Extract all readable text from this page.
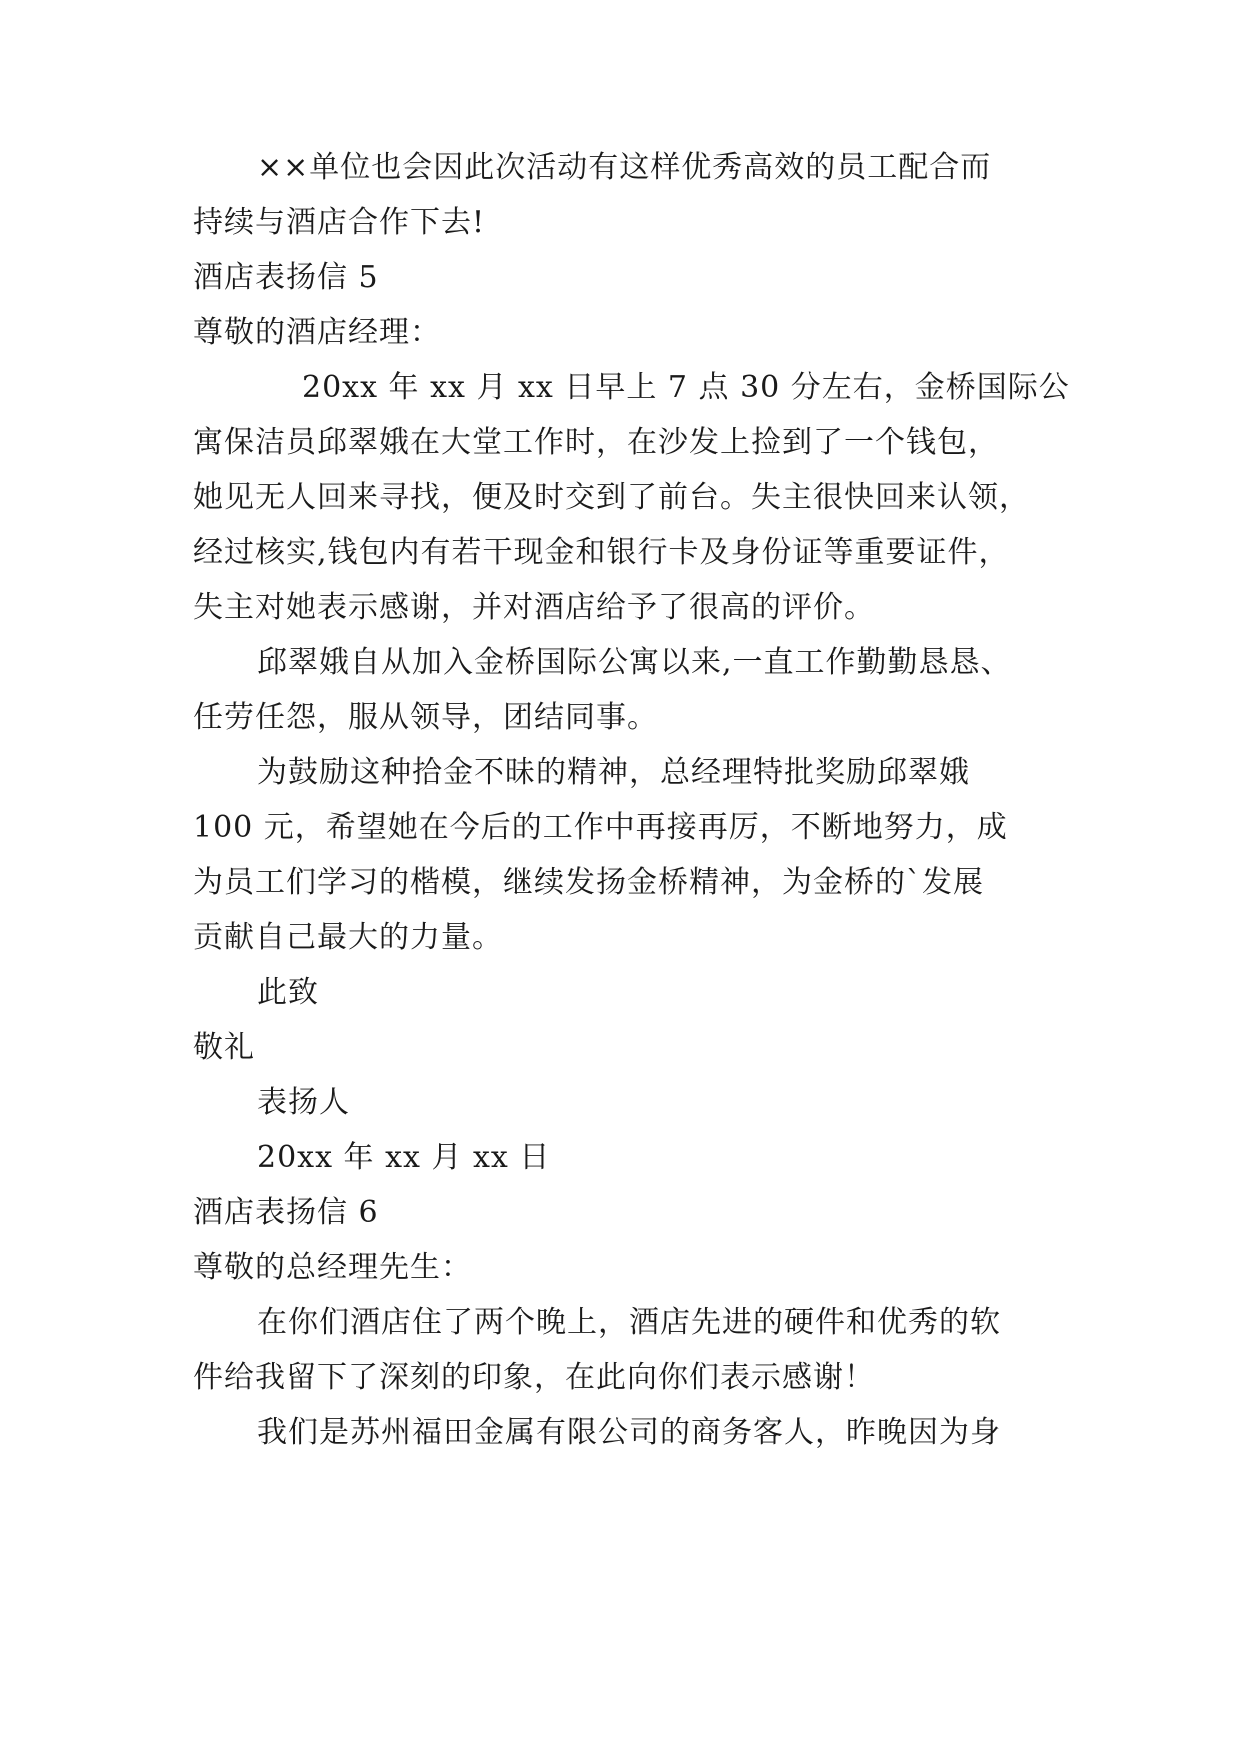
××单位也会因此次活动有这样优秀高效的员工配合而

持续与酒店合作下去!

酒店表扬信 5

尊敬的酒店经理：

20xx 年 xx 月 xx 日早上 7 点 30 分左右，金桥国际公

寓保洁员邱翠娥在大堂工作时，在沙发上捡到了一个钱包，

她见无人回来寻找，便及时交到了前台。失主很快回来认领，

经过核实,钱包内有若干现金和银行卡及身份证等重要证件，

失主对她表示感谢，并对酒店给予了很高的评价。

邱翠娥自从加入金桥国际公寓以来,一直工作勤勤恳恳、

任劳任怨，服从领导，团结同事。

为鼓励这种拾金不昧的精神，总经理特批奖励邱翠娥

100 元，希望她在今后的工作中再接再厉，不断地努力，成

为员工们学习的楷模，继续发扬金桥精神，为金桥的`发展

贡献自己最大的力量。

此致

敬礼

表扬人

20xx 年 xx 月 xx 日

酒店表扬信 6

尊敬的总经理先生：

在你们酒店住了两个晚上，酒店先进的硬件和优秀的软

件给我留下了深刻的印象，在此向你们表示感谢！

我们是苏州福田金属有限公司的商务客人，昨晚因为身
